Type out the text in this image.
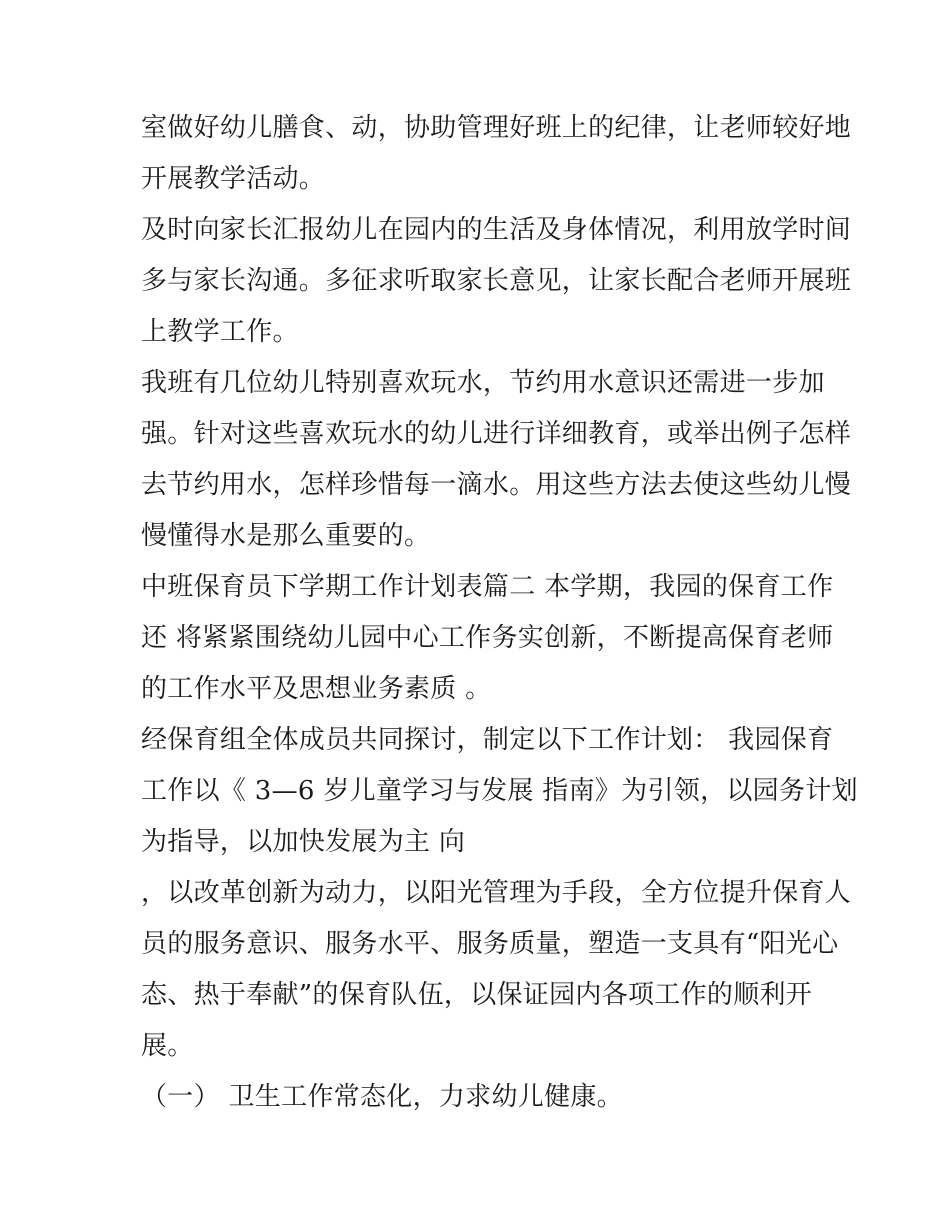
室做好幼儿膳食、动，协助管理好班上的纪律，让老师较好地
开展教学活动。
及时向家长汇报幼儿在园内的生活及身体情况，利用放学时间
多与家长沟通。多征求听取家长意见，让家长配合老师开展班
上教学工作。
我班有几位幼儿特别喜欢玩水，节约用水意识还需进一步加
强。针对这些喜欢玩水的幼儿进行详细教育，或举出例子怎样
去节约用水，怎样珍惜每一滴水。用这些方法去使这些幼儿慢
慢懂得水是那么重要的。
中班保育员下学期工作计划表篇二 本学期，我园的保育工作
还 将紧紧围绕幼儿园中心工作务实创新，不断提高保育老师
的工作水平及思想业务素质 。
经保育组全体成员共同探讨，制定以下工作计划： 我园保育
工作以《 3—6 岁儿童学习与发展 指南》为引领，以园务计划
为指导，以加快发展为主 向
，以改革创新为动力，以阳光管理为手段，全方位提升保育人
员的服务意识、服务水平、服务质量，塑造一支具有“阳光心
态、热于奉献”的保育队伍，以保证园内各项工作的顺利开
展。
（一） 卫生工作常态化，力求幼儿健康。
